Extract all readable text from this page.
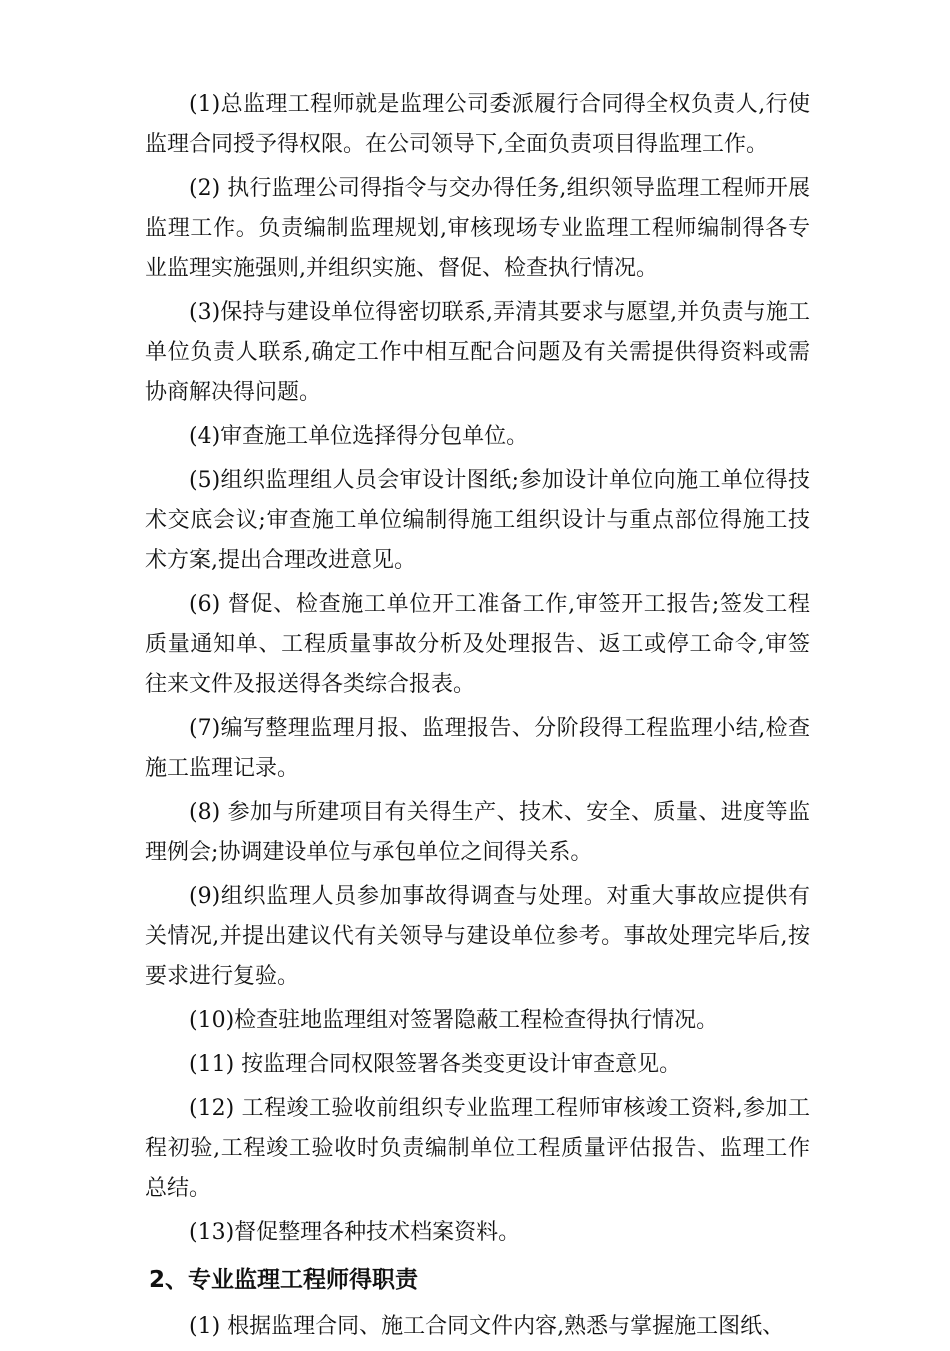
(1)总监理工程师就是监理公司委派履行合同得全权负责人,行使监理合同授予得权限。在公司领导下,全面负责项目得监理工作。

(2) 执行监理公司得指令与交办得任务,组织领导监理工程师开展监理工作。负责编制监理规划,审核现场专业监理工程师编制得各专业监理实施强则,并组织实施、督促、检查执行情况。

(3)保持与建设单位得密切联系,弄清其要求与愿望,并负责与施工单位负责人联系,确定工作中相互配合问题及有关需提供得资料或需协商解决得问题。

(4)审查施工单位选择得分包单位。

(5)组织监理组人员会审设计图纸;参加设计单位向施工单位得技术交底会议;审查施工单位编制得施工组织设计与重点部位得施工技术方案,提出合理改进意见。

(6) 督促、检查施工单位开工准备工作,审签开工报告;签发工程质量通知单、工程质量事故分析及处理报告、返工或停工命令,审签往来文件及报送得各类综合报表。

(7)编写整理监理月报、监理报告、分阶段得工程监理小结,检查施工监理记录。

(8) 参加与所建项目有关得生产、技术、安全、质量、进度等监理例会;协调建设单位与承包单位之间得关系。

(9)组织监理人员参加事故得调查与处理。对重大事故应提供有关情况,并提出建议代有关领导与建设单位参考。事故处理完毕后,按要求进行复验。

(10)检查驻地监理组对签署隐蔽工程检查得执行情况。

(11) 按监理合同权限签署各类变更设计审查意见。

(12) 工程竣工验收前组织专业监理工程师审核竣工资料,参加工程初验,工程竣工验收时负责编制单位工程质量评估报告、监理工作总结。

(13)督促整理各种技术档案资料。

2、专业监理工程师得职责

(1) 根据监理合同、施工合同文件内容,熟悉与掌握施工图纸、
